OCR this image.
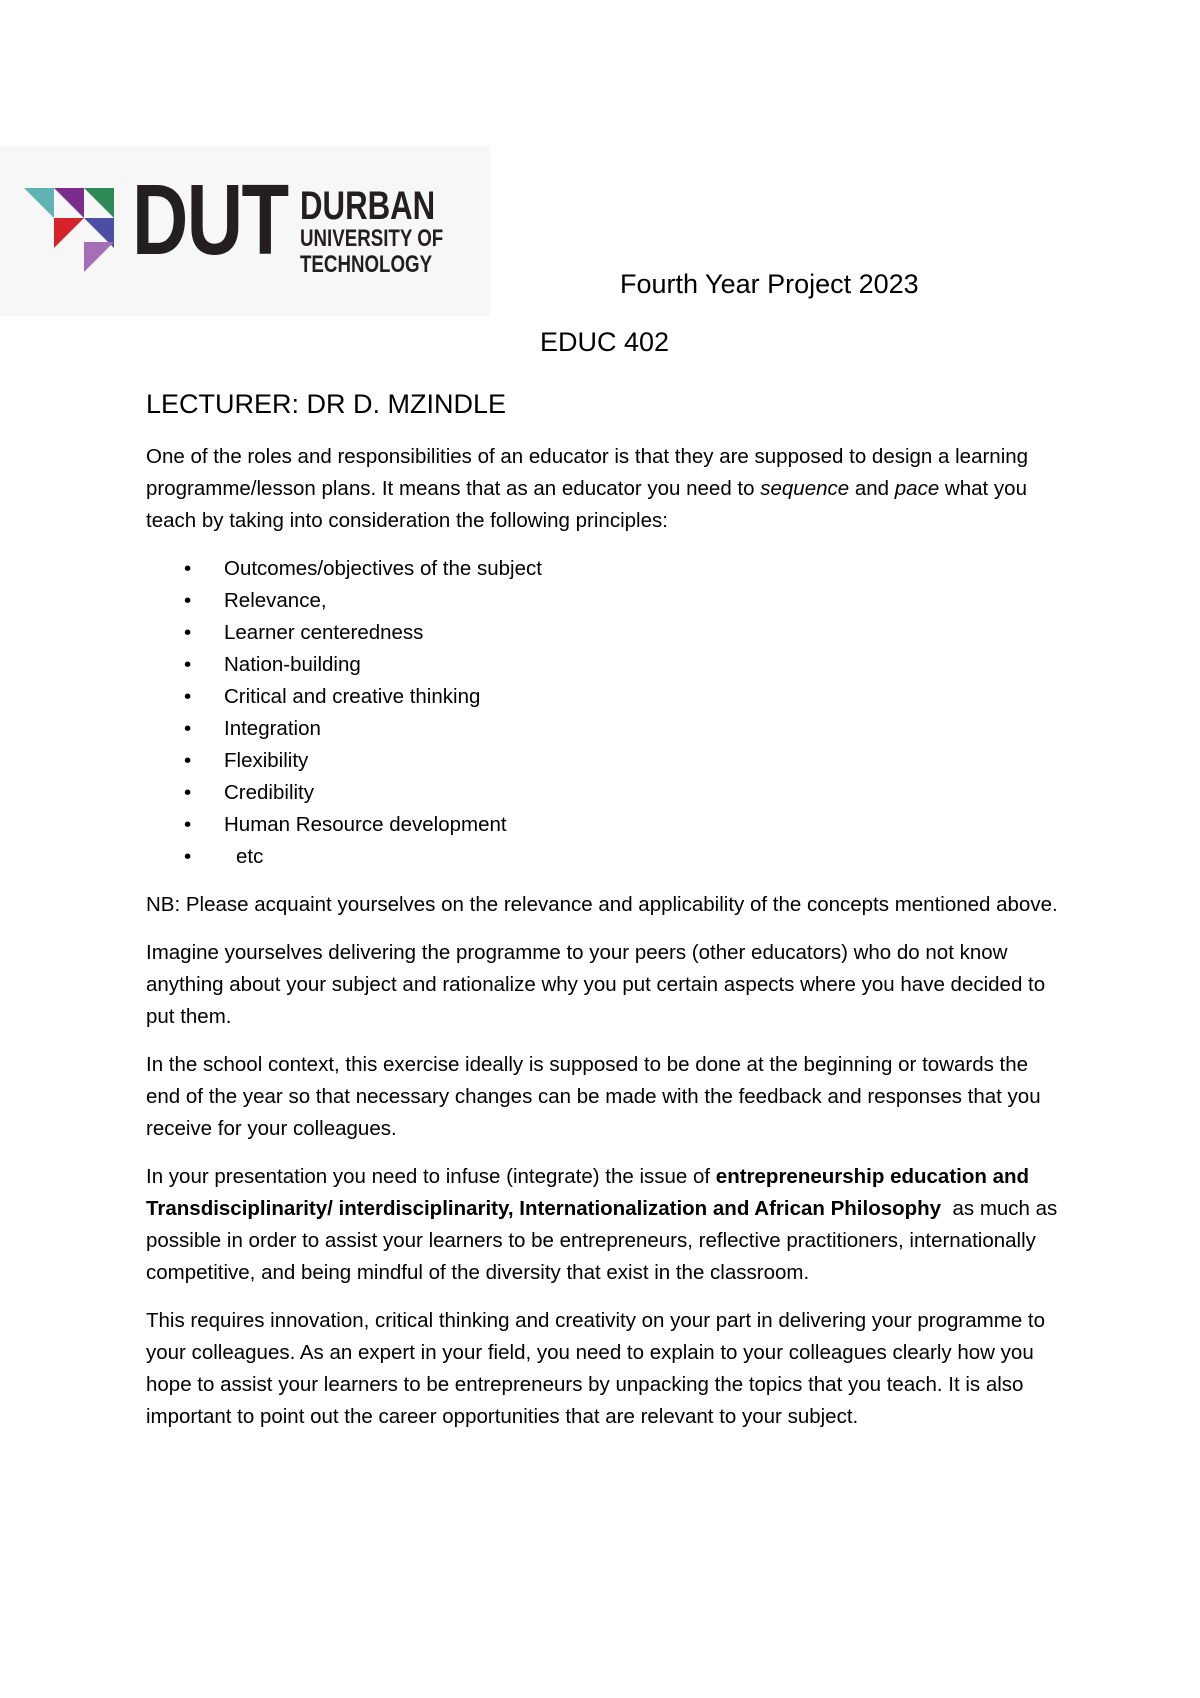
DUT DURBAN
UNIVERSITY OF
TECHNOLOGY
Fourth Year Project 2023
EDUC 402
LECTURER: DR D. MZINDLE

One of the roles and responsibilities of an educator is that they are supposed to design a learning programme/lesson plans. It means that as an educator you need to sequence and pace what you teach by taking into consideration the following principles:

• Outcomes/objectives of the subject
• Relevance,
• Learner centeredness
• Nation-building
• Critical and creative thinking
• Integration
• Flexibility
• Credibility
• Human Resource development
• etc

NB: Please acquaint yourselves on the relevance and applicability of the concepts mentioned above.

Imagine yourselves delivering the programme to your peers (other educators) who do not know anything about your subject and rationalize why you put certain aspects where you have decided to put them.

In the school context, this exercise ideally is supposed to be done at the beginning or towards the end of the year so that necessary changes can be made with the feedback and responses that you receive for your colleagues.

In your presentation you need to infuse (integrate) the issue of entrepreneurship education and Transdisciplinarity/ interdisciplinarity, Internationalization and African Philosophy  as much as possible in order to assist your learners to be entrepreneurs, reflective practitioners, internationally competitive, and being mindful of the diversity that exist in the classroom.

This requires innovation, critical thinking and creativity on your part in delivering your programme to your colleagues. As an expert in your field, you need to explain to your colleagues clearly how you hope to assist your learners to be entrepreneurs by unpacking the topics that you teach. It is also important to point out the career opportunities that are relevant to your subject.
